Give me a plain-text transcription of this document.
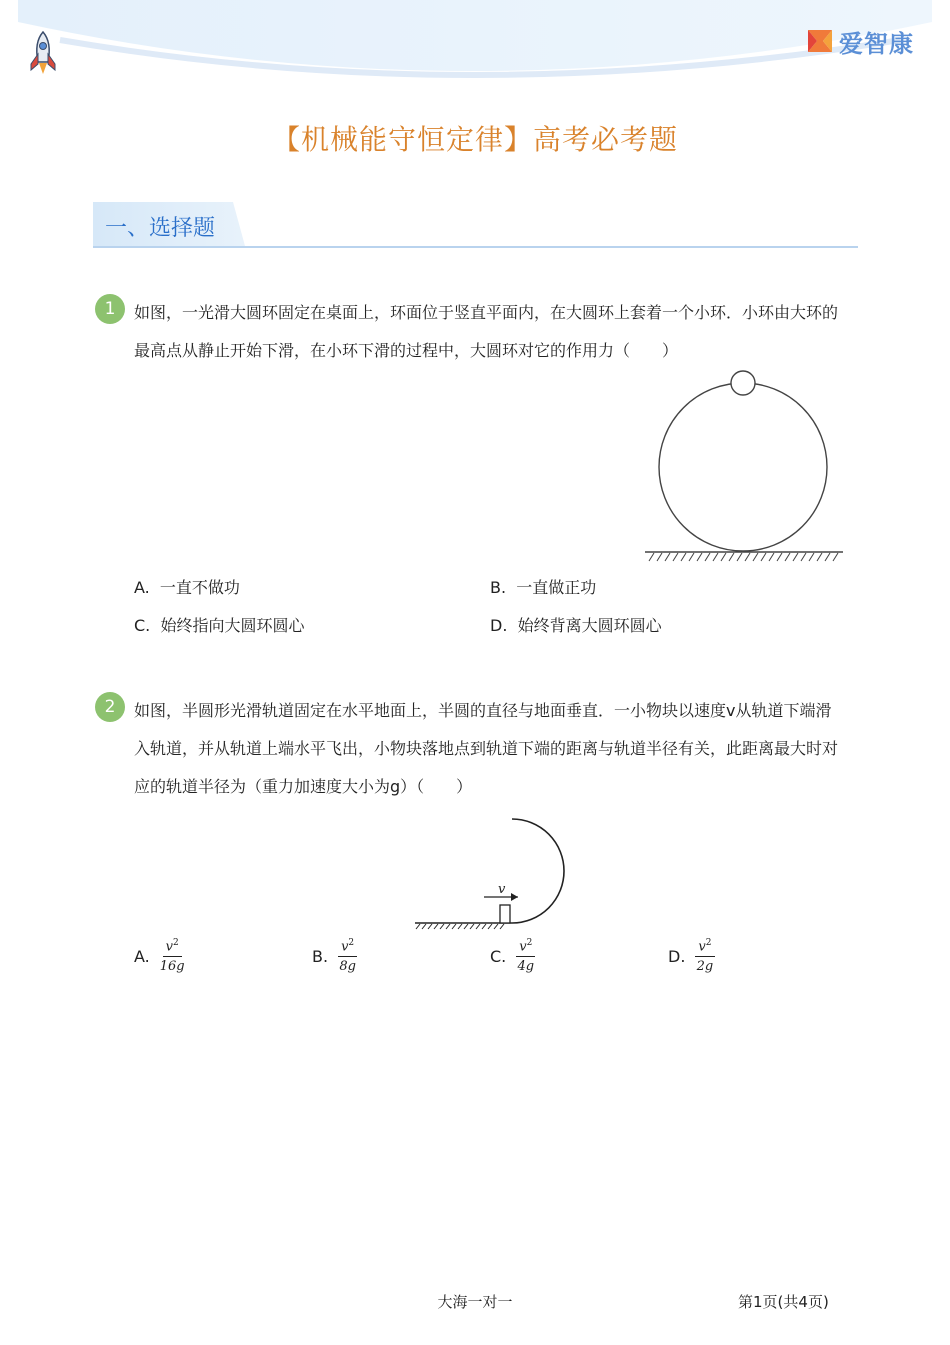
爱智康
【机械能守恒定律】高考必考题
一、选择题
1	如图，一光滑大圆环固定在桌面上，环面位于竖直平面内，在大圆环上套着一个小环．小环由大环的最高点从静止开始下滑，在小环下滑的过程中，大圆环对它的作用力（　　）
A. 一直不做功	B. 一直做正功
C. 始终指向大圆环圆心	D. 始终背离大圆环圆心
2	如图，半圆形光滑轨道固定在水平地面上，半圆的直径与地面垂直．一小物块以速度v从轨道下端滑入轨道，并从轨道上端水平飞出，小物块落地点到轨道下端的距离与轨道半径有关，此距离最大时对应的轨道半径为（重力加速度大小为g）（　　）
v
A. $\frac{v^2}{16g}$	B. $\frac{v^2}{8g}$	C. $\frac{v^2}{4g}$	D. $\frac{v^2}{2g}$
大海一对一	第1页(共4页)
